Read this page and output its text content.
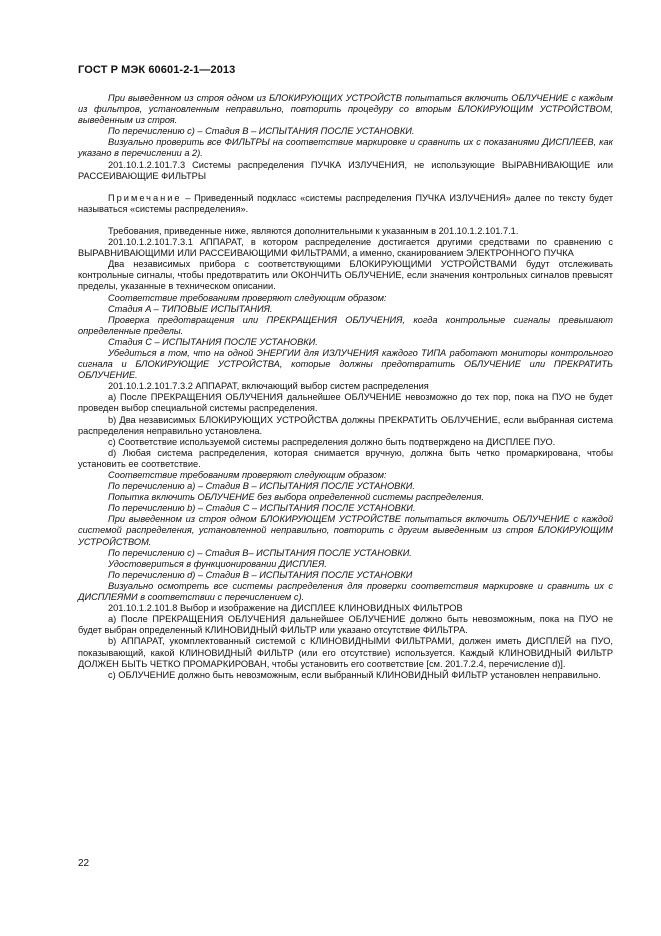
ГОСТ Р МЭК 60601-2-1—2013

При выведенном из строя одном из БЛОКИРУЮЩИХ УСТРОЙСТВ попытаться включить ОБЛУЧЕНИЕ с каждым из фильтров, установленным неправильно, повторить процедуру со вторым БЛОКИРУЮЩИМ УСТРОЙСТВОМ, выведенным из строя.

По перечислению c) – Стадия B – ИСПЫТАНИЯ ПОСЛЕ УСТАНОВКИ.

Визуально проверить все ФИЛЬТРЫ на соответствие маркировке и сравнить их с показаниями ДИСПЛЕЕВ, как указано в перечислении a 2).

201.10.1.2.101.7.3 Системы распределения ПУЧКА ИЗЛУЧЕНИЯ, не использующие ВЫРАВНИВАЮЩИЕ или РАССЕИВАЮЩИЕ ФИЛЬТРЫ

Примечание – Приведенный подкласс «системы распределения ПУЧКА ИЗЛУЧЕНИЯ» далее по тексту будет называться «системы распределения».

Требования, приведенные ниже, являются дополнительными к указанным в 201.10.1.2.101.7.1.

201.10.1.2.101.7.3.1 АППАРАТ, в котором распределение достигается другими средствами по сравнению с ВЫРАВНИВАЮЩИМИ ИЛИ РАССЕИВАЮЩИМИ ФИЛЬТРАМИ, а именно, сканированием ЭЛЕКТРОННОГО ПУЧКА

Два независимых прибора с соответствующими БЛОКИРУЮЩИМИ УСТРОЙСТВАМИ будут отслеживать контрольные сигналы, чтобы предотвратить или ОКОНЧИТЬ ОБЛУЧЕНИЕ, если значения контрольных сигналов превысят пределы, указанные в техническом описании.

Соответствие требованиям проверяют следующим образом:

Стадия A – ТИПОВЫЕ ИСПЫТАНИЯ.

Проверка предотвращения или ПРЕКРАЩЕНИЯ ОБЛУЧЕНИЯ, когда контрольные сигналы превышают определенные пределы.

Стадия C – ИСПЫТАНИЯ ПОСЛЕ УСТАНОВКИ.

Убедиться в том, что на одной ЭНЕРГИИ для ИЗЛУЧЕНИЯ каждого ТИПА работают мониторы контрольного сигнала и БЛОКИРУЮЩИЕ УСТРОЙСТВА, которые должны предотвратить ОБЛУЧЕНИЕ или ПРЕКРАТИТЬ ОБЛУЧЕНИЕ.

201.10.1.2.101.7.3.2 АППАРАТ, включающий выбор систем распределения

a) После ПРЕКРАЩЕНИЯ ОБЛУЧЕНИЯ дальнейшее ОБЛУЧЕНИЕ невозможно до тех пор, пока на ПУО не будет проведен выбор специальной системы распределения.

b) Два независимых БЛОКИРУЮЩИХ УСТРОЙСТВА должны ПРЕКРАТИТЬ ОБЛУЧЕНИЕ, если выбранная система распределения неправильно установлена.

c) Соответствие используемой системы распределения должно быть подтверждено на ДИСПЛЕЕ ПУО.

d) Любая система распределения, которая снимается вручную, должна быть четко промаркирована, чтобы установить ее соответствие.

Соответствие требованиям проверяют следующим образом:

По перечислению a) – Стадия B – ИСПЫТАНИЯ ПОСЛЕ УСТАНОВКИ.

Попытка включить ОБЛУЧЕНИЕ без выбора определенной системы распределения.

По перечислению b) – Стадия C – ИСПЫТАНИЯ ПОСЛЕ УСТАНОВКИ.

При выведенном из строя одном БЛОКИРУЮЩЕМ УСТРОЙСТВЕ попытаться включить ОБЛУЧЕНИЕ с каждой системой распределения, установленной неправильно, повторить с другим выведенным из строя БЛОКИРУЮЩИМ УСТРОЙСТВОМ.

По перечислению c) – Стадия B– ИСПЫТАНИЯ ПОСЛЕ УСТАНОВКИ.

Удостовериться в функционировании ДИСПЛЕЯ.

По перечислению d) – Стадия B – ИСПЫТАНИЯ ПОСЛЕ УСТАНОВКИ

Визуально осмотреть все системы распределения для проверки соответствия маркировке и сравнить их с ДИСПЛЕЯМИ в соответствии с перечислением c).

201.10.1.2.101.8 Выбор и изображение на ДИСПЛЕЕ КЛИНОВИДНЫХ ФИЛЬТРОВ

a) После ПРЕКРАЩЕНИЯ ОБЛУЧЕНИЯ дальнейшее ОБЛУЧЕНИЕ должно быть невозможным, пока на ПУО не будет выбран определенный КЛИНОВИДНЫЙ ФИЛЬТР или указано отсутствие ФИЛЬТРА.

b) АППАРАТ, укомплектованный системой с КЛИНОВИДНЫМИ ФИЛЬТРАМИ, должен иметь ДИСПЛЕЙ на ПУО, показывающий, какой КЛИНОВИДНЫЙ ФИЛЬТР (или его отсутствие) используется. Каждый КЛИНОВИДНЫЙ ФИЛЬТР ДОЛЖЕН БЫТЬ ЧЕТКО ПРОМАРКИРОВАН, чтобы установить его соответствие [см. 201.7.2.4, перечисление d)].

c) ОБЛУЧЕНИЕ должно быть невозможным, если выбранный КЛИНОВИДНЫЙ ФИЛЬТР установлен неправильно.

22
